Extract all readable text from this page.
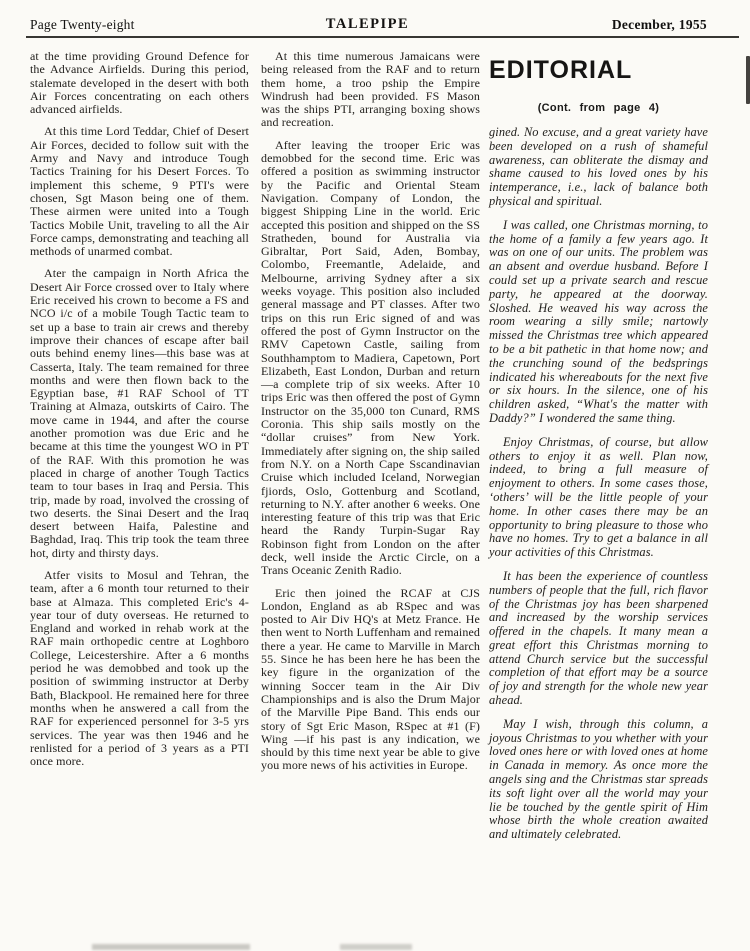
Page Twenty-eight	TALEPIPE	December, 1955

at the time providing Ground Defence for the Advance Airfields. During this period, stalemate developed in the desert with both Air Forces concentrating on each others advanced airfields.

At this time Lord Teddar, Chief of Desert Air Forces, decided to follow suit with the Army and Navy and introduce Tough Tactics Training for his Desert Forces. To implement this scheme, 9 PTI's were chosen, Sgt Mason being one of them. These airmen were united into a Tough Tactics Mobile Unit, traveling to all the Air Force camps, demonstrating and teaching all methods of unarmed combat.

Ater the campaign in North Africa the Desert Air Force crossed over to Italy where Eric received his crown to become a FS and NCO i/c of a mobile Tough Tactic team to set up a base to train air crews and thereby improve their chances of escape after bail outs behind enemy lines—this base was at Casserta, Italy. The team remained for three months and were then flown back to the Egyptian base, #1 RAF School of TT Training at Almaza, outskirts of Cairo. The move came in 1944, and after the course another promotion was due Eric and he became at this time the youngest WO in PT of the RAF. With this promotion he was placed in charge of another Tough Tactics team to tour bases in Iraq and Persia. This trip, made by road, involved the crossing of two deserts. the Sinai Desert and the Iraq desert between Haifa, Palestine and Baghdad, Iraq. This trip took the team three hot, dirty and thirsty days.

Atfer visits to Mosul and Tehran, the team, after a 6 month tour returned to their base at Almaza. This completed Eric's 4-year tour of duty overseas. He returned to England and worked in rehab work at the RAF main orthopedic centre at Loghboro College, Leicestershire. After a 6 months period he was demobbed and took up the position of swimming instructor at Derby Bath, Blackpool. He remained here for three months when he answered a call from the RAF for experienced personnel for 3-5 yrs services. The year was then 1946 and he renlisted for a period of 3 years as a PTI once more.

At this time numerous Jamaicans were being released from the RAF and to return them home, a troo pship the Empire Windrush had been provided. FS Mason was the ships PTI, arranging boxing shows and recreation.

After leaving the trooper Eric was demobbed for the second time. Eric was offered a position as swimming instructor by the Pacific and Oriental Steam Navigation. Company of London, the biggest Shipping Line in the world. Eric accepted this position and shipped on the SS Stratheden, bound for Australia via Gibraltar, Port Said, Aden, Bombay, Colombo, Freemantle, Adelaide, and Melbourne, arriving Sydney after a six weeks voyage. This position also included general massage and PT classes. After two trips on this run Eric signed of and was offered the post of Gymn Instructor on the RMV Capetown Castle, sailing from Southhamptom to Madiera, Capetown, Port Elizabeth, East London, Durban and return—a complete trip of six weeks. After 10 trips Eric was then offered the post of Gymn Instructor on the 35,000 ton Cunard, RMS Coronia. This ship sails mostly on the “dollar cruises” from New York. Immediately after signing on, the ship sailed from N.Y. on a North Cape Sscandinavian Cruise which included Iceland, Norwegian fjiords, Oslo, Gottenburg and Scotland, returning to N.Y. after another 6 weeks. One interesting feature of this trip was that Eric heard the Randy Turpin-Sugar Ray Robinson fight from London on the after deck, well inside the Arctic Circle, on a Trans Oceanic Zenith Radio.

Eric then joined the RCAF at CJS London, England as ab RSpec and was posted to Air Div HQ's at Metz France. He then went to North Luffenham and remained there a year. He came to Marville in March 55. Since he has been here he has been the key figure in the organization of the winning Soccer team in the Air Div Championships and is also the Drum Major of the Marville Pipe Band. This ends our story of Sgt Eric Mason, RSpec at #1 (F) Wing —if his past is any indication, we should by this time next year be able to give you more news of his activities in Europe.

EDITORIAL
(Cont. from page 4)

gined. No excuse, and a great variety have been developed on a rush of shameful awareness, can obliterate the dismay and shame caused to his loved ones by his intemperance, i.e., lack of balance both physical and spiritual.

I was called, one Christmas morning, to the home of a family a few years ago. It was on one of our units. The problem was an absent and overdue husband. Before I could set up a private search and rescue party, he appeared at the doorway. Sloshed. He weaved his way across the room wearing a silly smile; nartowly missed the Christmas tree which appeared to be a bit pathetic in that home now; and the crunching sound of the bedsprings indicated his whereabouts for the next five or six hours. In the silence, one of his children asked, “What's the matter with Daddy?” I wondered the same thing.

Enjoy Christmas, of course, but allow others to enjoy it as well. Plan now, indeed, to bring a full measure of enjoyment to others. In some cases those, ‘others’ will be the little people of your home. In other cases there may be an opportunity to bring pleasure to those who have no homes. Try to get a balance in all your activities of this Christmas.

It has been the experience of countless numbers of people that the full, rich flavor of the Christmas joy has been sharpened and increased by the worship services offered in the chapels. It many mean a great effort this Christmas morning to attend Church service but the successful completion of that effort may be a source of joy and strength for the whole new year ahead.

May I wish, through this column, a joyous Christmas to you whether with your loved ones here or with loved ones at home in Canada in memory. As once more the angels sing and the Christmas star spreads its soft light over all the world may your lie be touched by the gentle spirit of Him whose birth the whole creation awaited and ultimately celebrated.
